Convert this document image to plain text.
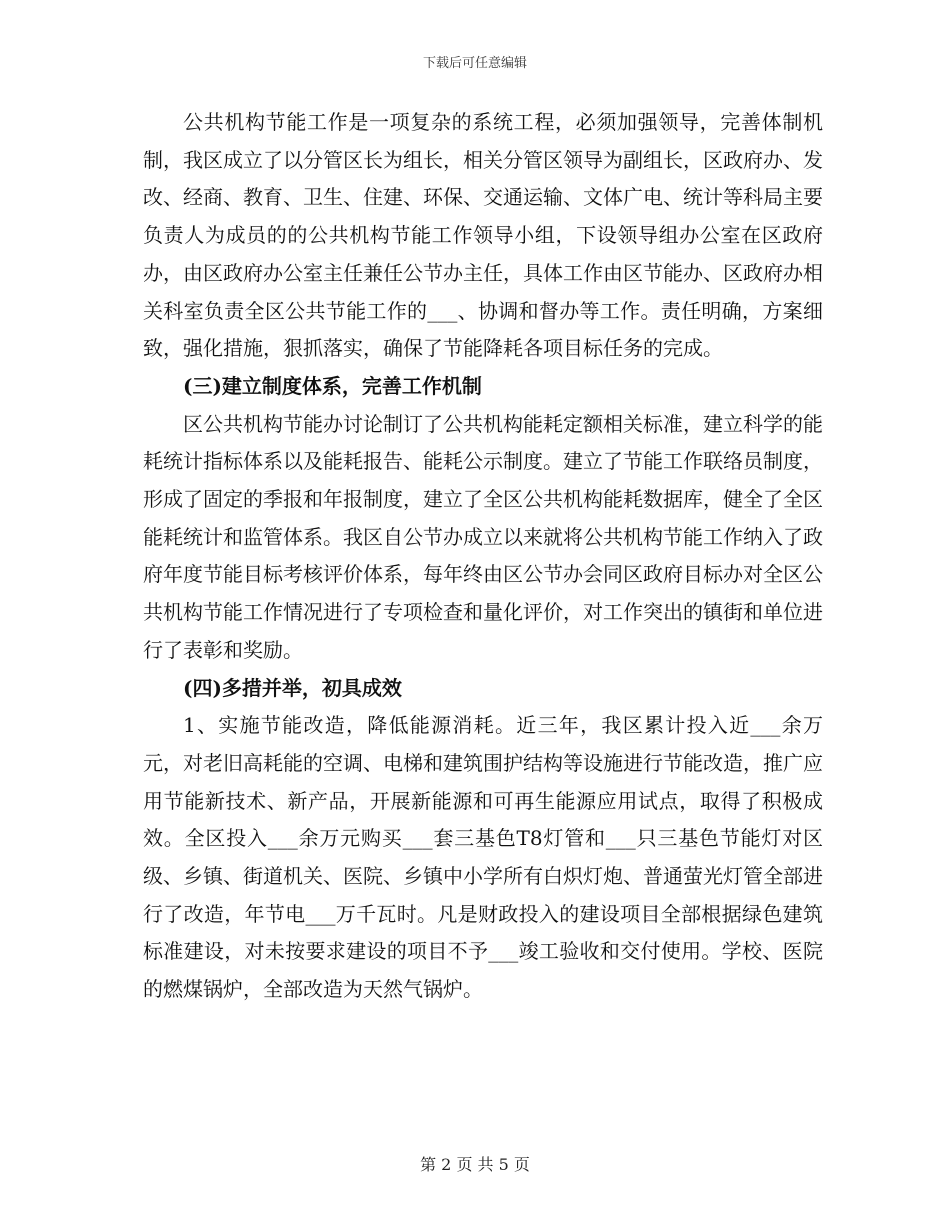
下载后可任意编辑

公共机构节能工作是一项复杂的系统工程，必须加强领导，完善体制机制，我区成立了以分管区长为组长，相关分管区领导为副组长，区政府办、发改、经商、教育、卫生、住建、环保、交通运输、文体广电、统计等科局主要负责人为成员的的公共机构节能工作领导小组，下设领导组办公室在区政府办，由区政府办公室主任兼任公节办主任，具体工作由区节能办、区政府办相关科室负责全区公共节能工作的___、协调和督办等工作。责任明确，方案细致，强化措施，狠抓落实，确保了节能降耗各项目标任务的完成。

(三)建立制度体系，完善工作机制

区公共机构节能办讨论制订了公共机构能耗定额相关标准，建立科学的能耗统计指标体系以及能耗报告、能耗公示制度。建立了节能工作联络员制度，形成了固定的季报和年报制度，建立了全区公共机构能耗数据库，健全了全区能耗统计和监管体系。我区自公节办成立以来就将公共机构节能工作纳入了政府年度节能目标考核评价体系，每年终由区公节办会同区政府目标办对全区公共机构节能工作情况进行了专项检查和量化评价，对工作突出的镇街和单位进行了表彰和奖励。

(四)多措并举，初具成效

1、实施节能改造，降低能源消耗。近三年，我区累计投入近___余万元，对老旧高耗能的空调、电梯和建筑围护结构等设施进行节能改造，推广应用节能新技术、新产品，开展新能源和可再生能源应用试点，取得了积极成效。全区投入___余万元购买___套三基色T8灯管和___只三基色节能灯对区级、乡镇、街道机关、医院、乡镇中小学所有白炽灯炮、普通萤光灯管全部进行了改造，年节电___万千瓦时。凡是财政投入的建设项目全部根据绿色建筑标准建设，对未按要求建设的项目不予___竣工验收和交付使用。学校、医院的燃煤锅炉，全部改造为天然气锅炉。

第 2 页 共 5 页
